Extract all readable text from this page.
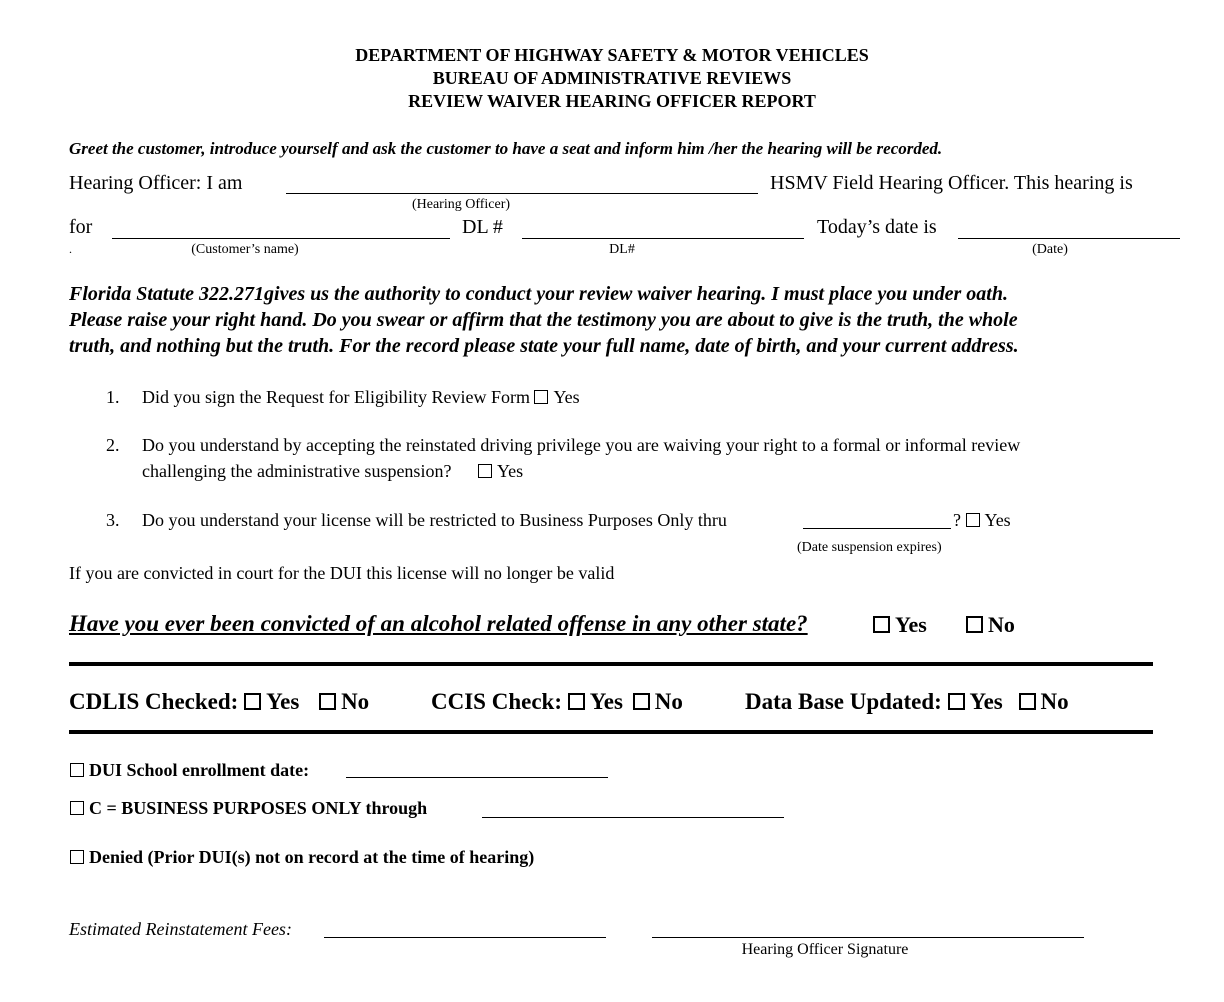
DEPARTMENT OF HIGHWAY SAFETY & MOTOR VEHICLES
BUREAU OF ADMINISTRATIVE REVIEWS
REVIEW WAIVER HEARING OFFICER REPORT
Greet the customer, introduce yourself and ask the customer to have a seat and inform him /her the hearing will be recorded.
Hearing Officer: I am	HSMV Field Hearing Officer. This hearing is
(Hearing Officer)
for	DL #	Today’s date is
.	(Customer’s name)	DL#	(Date)
Florida Statute 322.271gives us the authority to conduct your review waiver hearing. I must place you under oath.
Please raise your right hand. Do you swear or affirm that the testimony you are about to give is the truth, the whole
truth, and nothing but the truth. For the record please state your full name, date of birth, and your current address.
1. Did you sign the Request for Eligibility Review Form Yes
2. Do you understand by accepting the reinstated driving privilege you are waiving your right to a formal or informal review
challenging the administrative suspension?	Yes
3. Do you understand your license will be restricted to Business Purposes Only thru	? Yes
(Date suspension expires)
If you are convicted in court for the DUI this license will no longer be valid
Have you ever been convicted of an alcohol related offense in any other state?	Yes	No
CDLIS Checked: Yes No	CCIS Check: Yes No	Data Base Updated: Yes No
DUI School enrollment date:
C = BUSINESS PURPOSES ONLY through
Denied (Prior DUI(s) not on record at the time of hearing)
Estimated Reinstatement Fees:
Hearing Officer Signature
